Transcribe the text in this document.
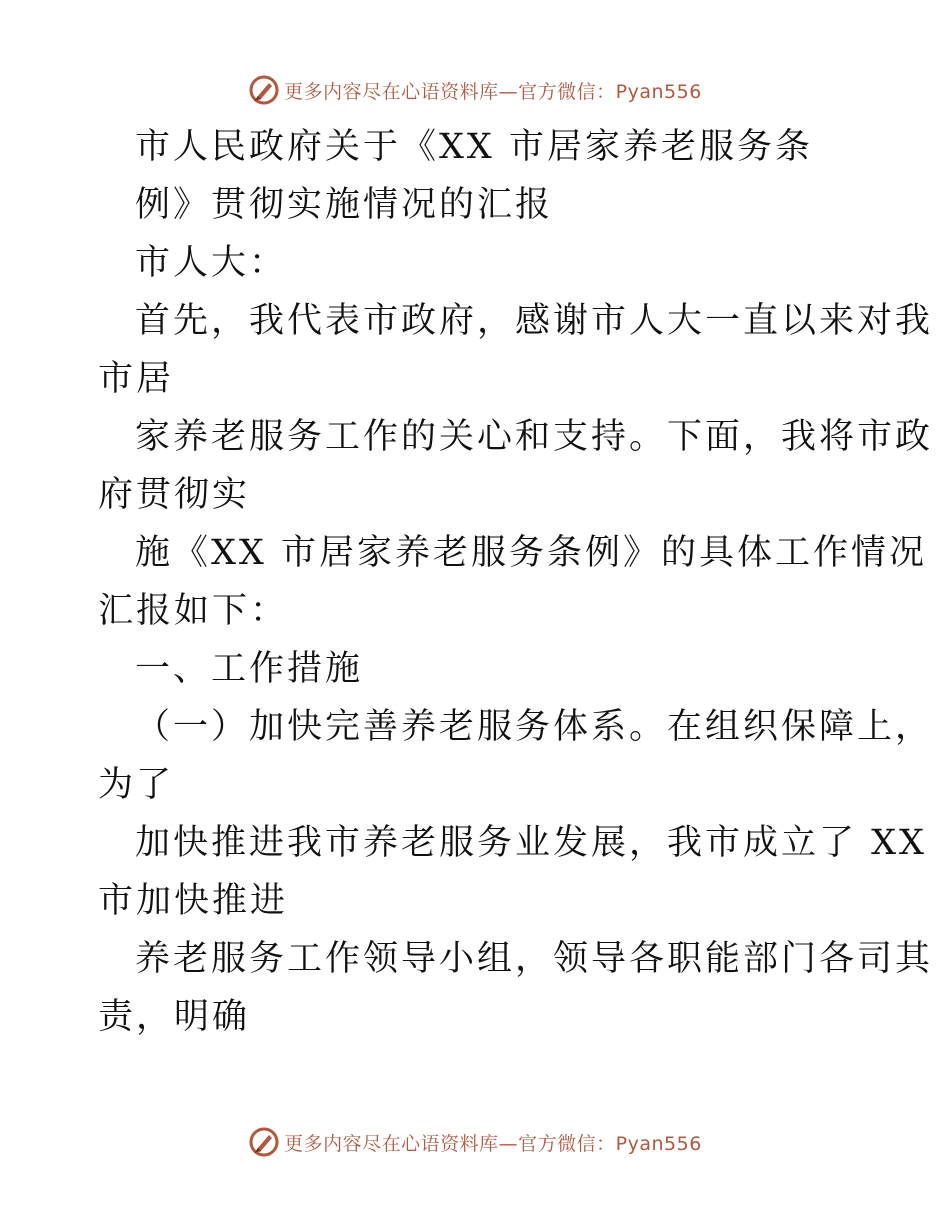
更多内容尽在心语资料库—官方微信：Pyan556
市人民政府关于《XX 市居家养老服务条
例》贯彻实施情况的汇报
市人大：
首先，我代表市政府，感谢市人大一直以来对我
市居
家养老服务工作的关心和支持。下面，我将市政
府贯彻实
施《XX 市居家养老服务条例》的具体工作情况
汇报如下：
一、工作措施
（一）加快完善养老服务体系。在组织保障上，
为了
加快推进我市养老服务业发展，我市成立了 XX
市加快推进
养老服务工作领导小组，领导各职能部门各司其
责，明确
更多内容尽在心语资料库—官方微信：Pyan556
